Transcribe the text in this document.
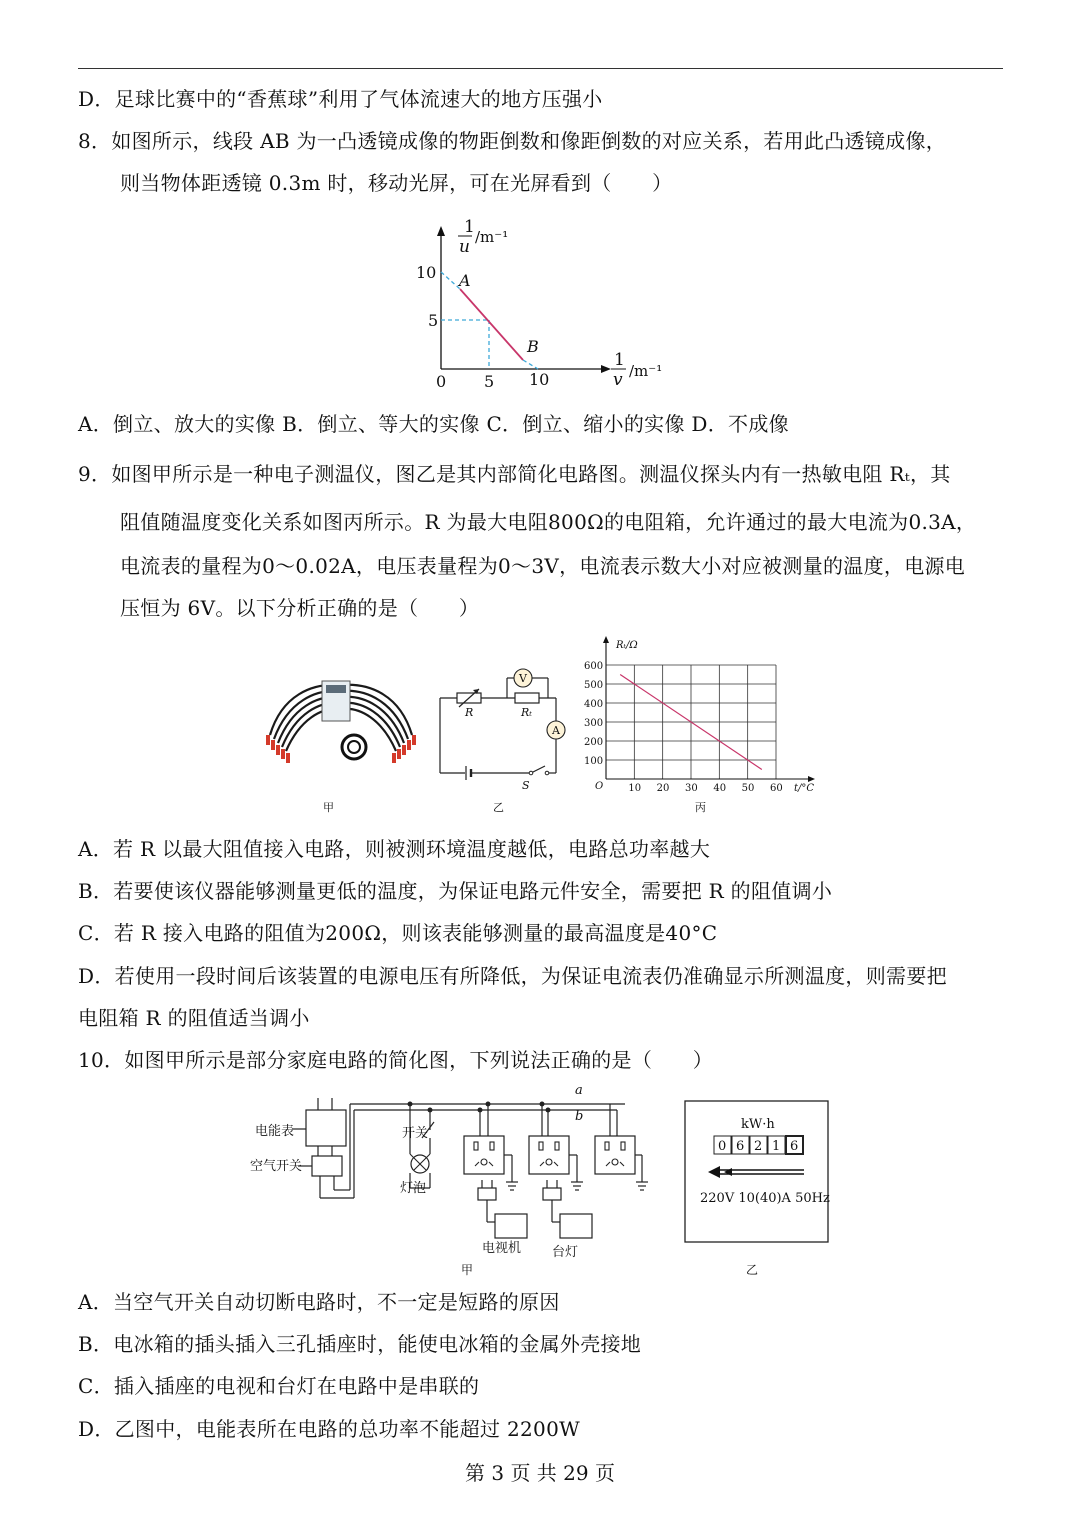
D．足球比赛中的“香蕉球”利用了气体流速大的地方压强小
8．如图所示，线段 AB 为一凸透镜成像的物距倒数和像距倒数的对应关系，若用此凸透镜成像，
则当物体距透镜 0.3m 时，移动光屏，可在光屏看到（　　）
1
u /m⁻¹
1
v /m⁻¹
10
5
0 5 10
A
B
A．倒立、放大的实像 B．倒立、等大的实像 C．倒立、缩小的实像 D．不成像
9．如图甲所示是一种电子测温仪，图乙是其内部简化电路图。测温仪探头内有一热敏电阻 Rₜ，其
阻值随温度变化关系如图丙所示。R 为最大电阻800Ω的电阻箱，允许通过的最大电流为0.3A，
电流表的量程为0～0.02A，电压表量程为0～3V，电流表示数大小对应被测量的温度，电源电
压恒为 6V。以下分析正确的是（　　）
V
A
R	Rₜ
S	10 20 30 40 50 60
100
200
300
400
500
600
O
Rₜ/Ω
t/°C
甲	乙	丙
A．若 R 以最大阻值接入电路，则被测环境温度越低，电路总功率越大
B．若要使该仪器能够测量更低的温度，为保证电路元件安全，需要把 R 的阻值调小
C．若 R 接入电路的阻值为200Ω，则该表能够测量的最高温度是40°C
D．若使用一段时间后该装置的电源电压有所降低，为保证电流表仍准确显示所测温度，则需要把
电阻箱 R 的阻值适当调小
10．如图甲所示是部分家庭电路的简化图，下列说法正确的是（　　）
电能表
空气开关
开关
灯泡
电视机 台灯
a
b
甲
kW·h
0 6 2 1 6
220V 10(40)A 50Hz
乙
A．当空气开关自动切断电路时，不一定是短路的原因
B．电冰箱的插头插入三孔插座时，能使电冰箱的金属外壳接地
C．插入插座的电视和台灯在电路中是串联的
D．乙图中，电能表所在电路的总功率不能超过 2200W
第 3 页 共 29 页
